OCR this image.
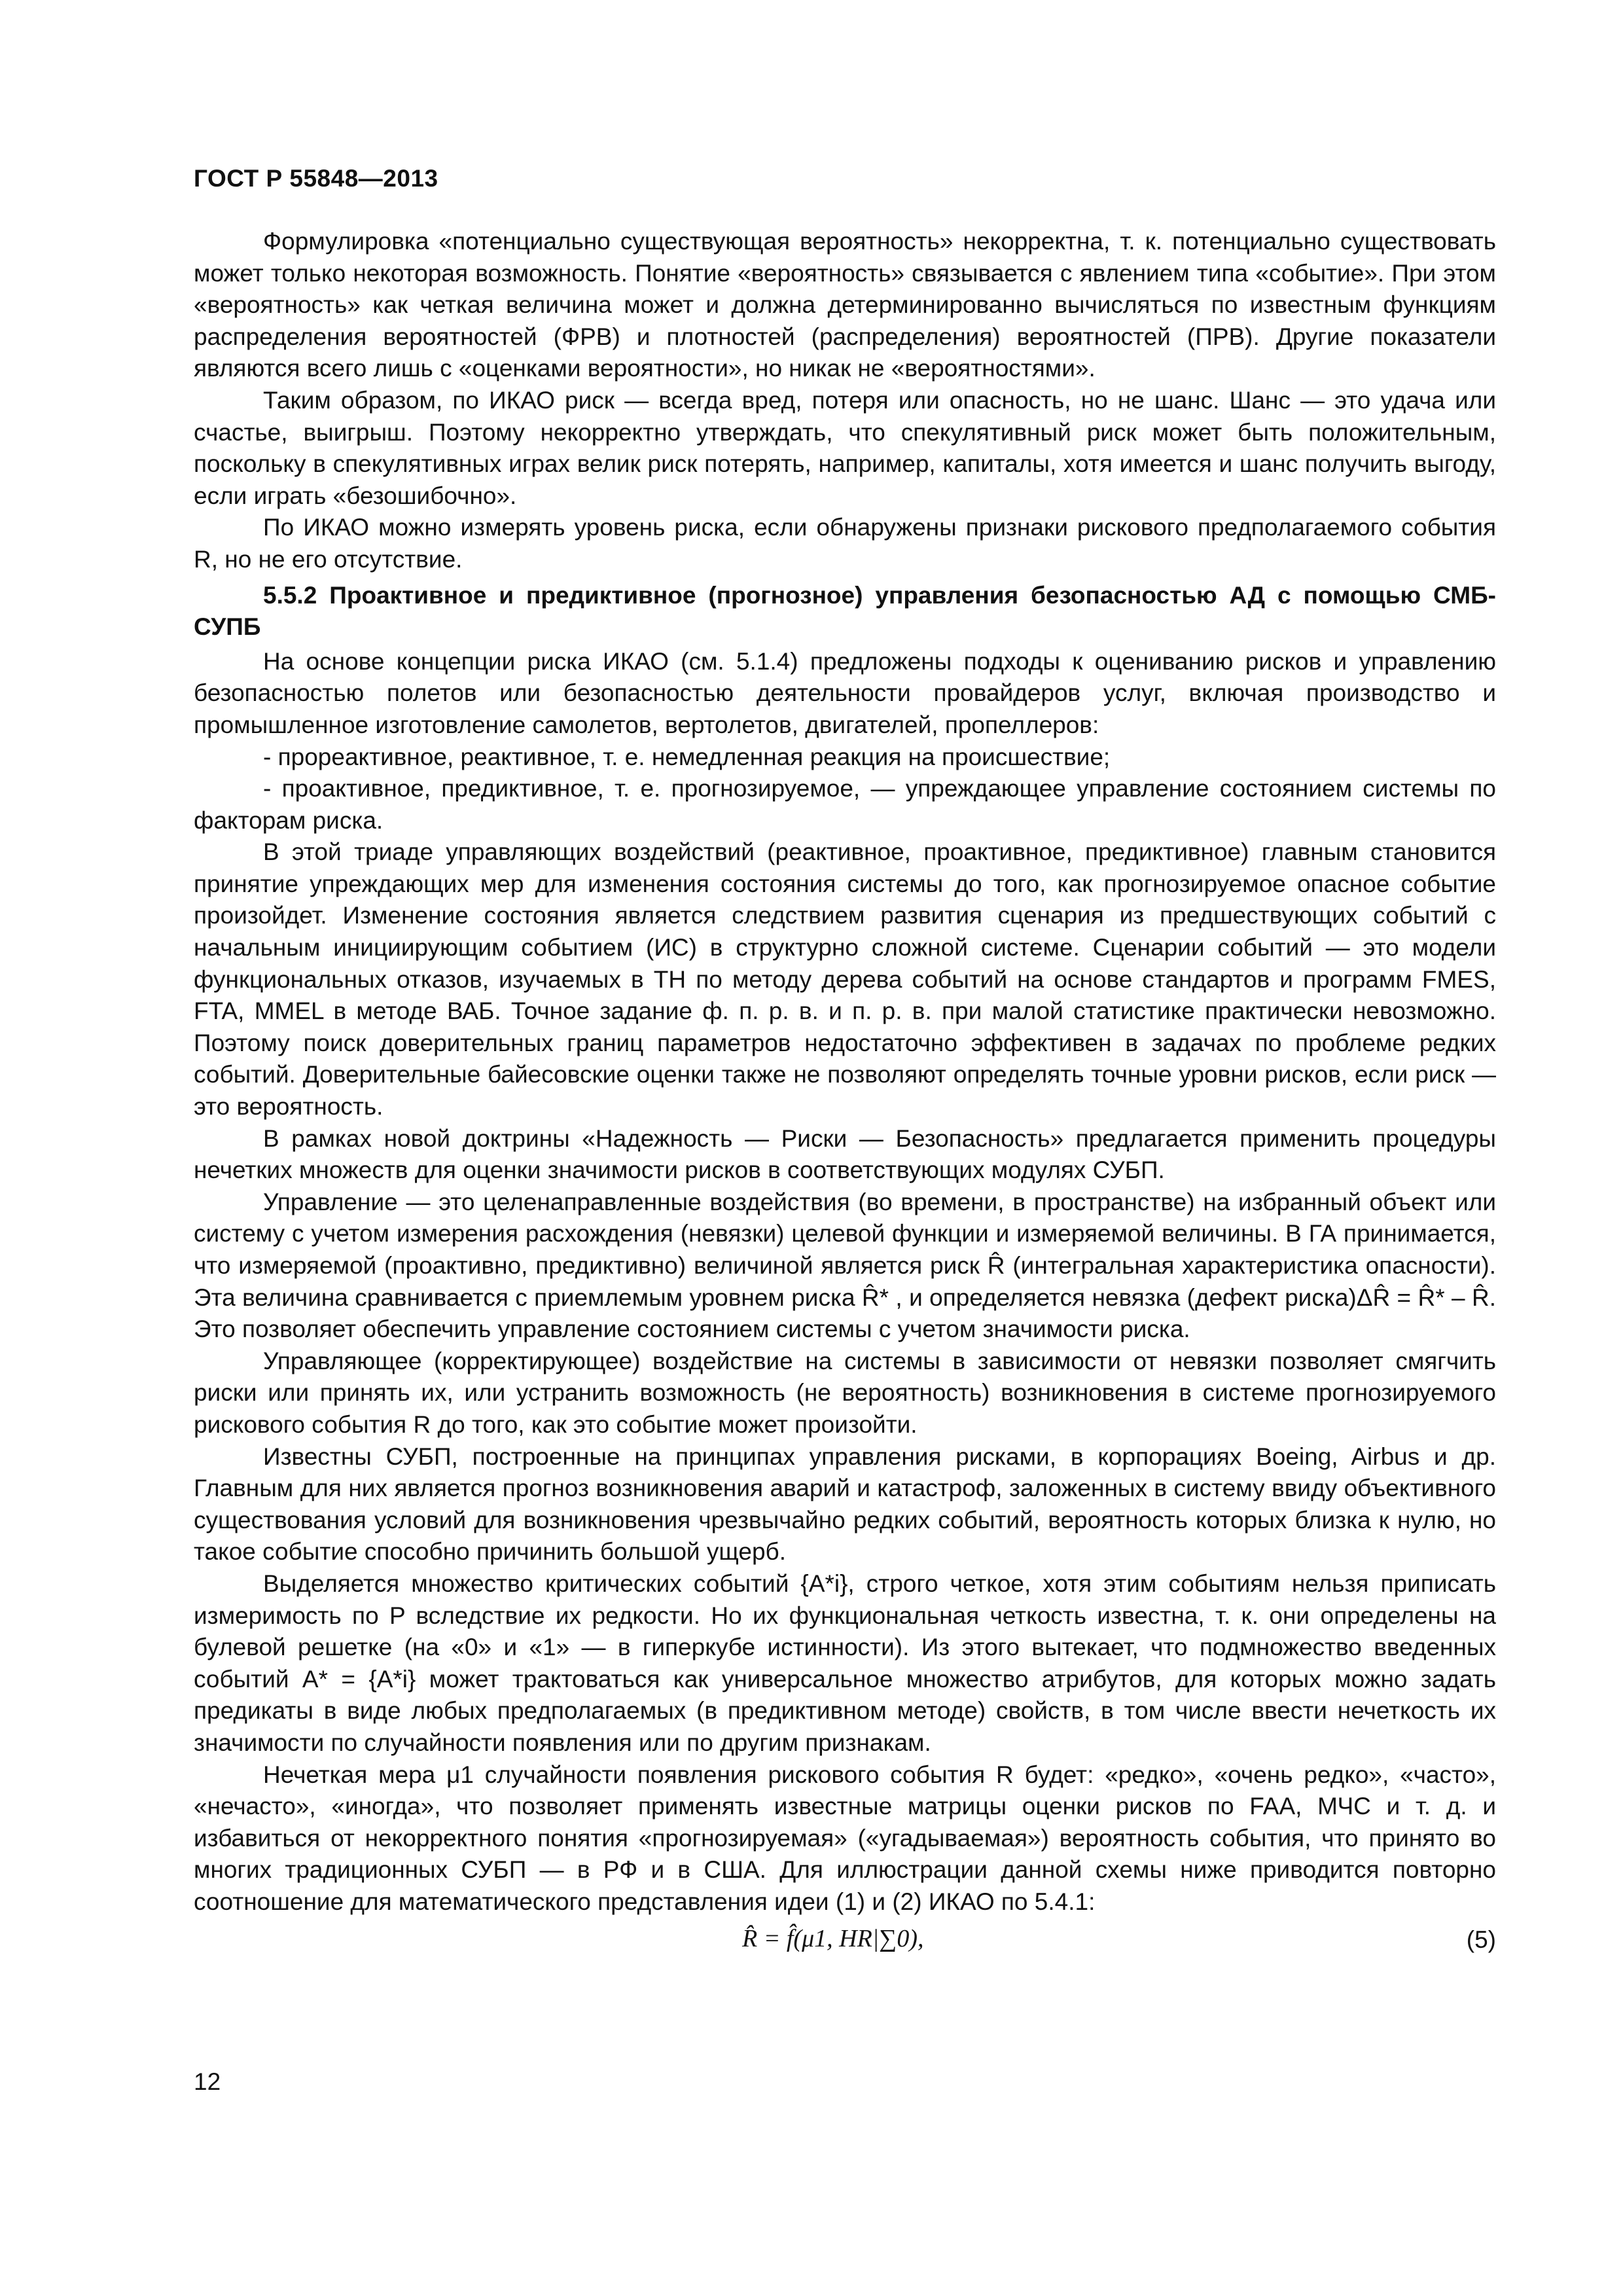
ГОСТ Р 55848—2013

Формулировка «потенциально существующая вероятность» некорректна, т. к. потенциально существовать может только некоторая возможность. Понятие «вероятность» связывается с явлением типа «событие». При этом «вероятность» как четкая величина может и должна детерминированно вычисляться по известным функциям распределения вероятностей (ФРВ) и плотностей (распределения) вероятностей (ПРВ). Другие показатели являются всего лишь с «оценками вероятности», но никак не «вероятностями».

Таким образом, по ИКАО риск — всегда вред, потеря или опасность, но не шанс. Шанс — это удача или счастье, выигрыш. Поэтому некорректно утверждать, что спекулятивный риск может быть положительным, поскольку в спекулятивных играх велик риск потерять, например, капиталы, хотя имеется и шанс получить выгоду, если играть «безошибочно».

По ИКАО можно измерять уровень риска, если обнаружены признаки рискового предполагаемого события R, но не его отсутствие.

5.5.2 Проактивное и предиктивное (прогнозное) управления безопасностью АД с помощью СМБ-СУПБ

На основе концепции риска ИКАО (см. 5.1.4) предложены подходы к оцениванию рисков и управлению безопасностью полетов или безопасностью деятельности провайдеров услуг, включая производство и промышленное изготовление самолетов, вертолетов, двигателей, пропеллеров:

- прореактивное, реактивное, т. е. немедленная реакция на происшествие;

- проактивное, предиктивное, т. е. прогнозируемое, — упреждающее управление состоянием системы по факторам риска.

В этой триаде управляющих воздействий (реактивное, проактивное, предиктивное) главным становится принятие упреждающих мер для изменения состояния системы до того, как прогнозируемое опасное событие произойдет. Изменение состояния является следствием развития сценария из предшествующих событий с начальным инициирующим событием (ИС) в структурно сложной системе. Сценарии событий — это модели функциональных отказов, изучаемых в ТН по методу дерева событий на основе стандартов и программ FMES, FTA, MMEL в методе ВАБ. Точное задание ф. п. р. в. и п. р. в. при малой статистике практически невозможно. Поэтому поиск доверительных границ параметров недостаточно эффективен в задачах по проблеме редких событий. Доверительные байесовские оценки также не позволяют определять точные уровни рисков, если риск — это вероятность.

В рамках новой доктрины «Надежность — Риски — Безопасность» предлагается применить процедуры нечетких множеств для оценки значимости рисков в соответствующих модулях СУБП.

Управление — это целенаправленные воздействия (во времени, в пространстве) на избранный объект или систему с учетом измерения расхождения (невязки) целевой функции и измеряемой величины. В ГА принимается, что измеряемой (проактивно, предиктивно) величиной является риск R̂ (интегральная характеристика опасности). Эта величина сравнивается с приемлемым уровнем риска R̂* , и определяется невязка (дефект риска)ΔR̂ = R̂* – R̂. Это позволяет обеспечить управление состоянием системы с учетом значимости риска.

Управляющее (корректирующее) воздействие на системы в зависимости от невязки позволяет смягчить риски или принять их, или устранить возможность (не вероятность) возникновения в системе прогнозируемого рискового события R до того, как это событие может произойти.

Известны СУБП, построенные на принципах управления рисками, в корпорациях Boeing, Airbus и др. Главным для них является прогноз возникновения аварий и катастроф, заложенных в систему ввиду объективного существования условий для возникновения чрезвычайно редких событий, вероятность которых близка к нулю, но такое событие способно причинить большой ущерб.

Выделяется множество критических событий {A*i}, строго четкое, хотя этим событиям нельзя приписать измеримость по P вследствие их редкости. Но их функциональная четкость известна, т. к. они определены на булевой решетке (на «0» и «1» — в гиперкубе истинности). Из этого вытекает, что подмножество введенных событий A* = {A*i} может трактоваться как универсальное множество атрибутов, для которых можно задать предикаты в виде любых предполагаемых (в предиктивном методе) свойств, в том числе ввести нечеткость их значимости по случайности появления или по другим признакам.

Нечеткая мера μ1 случайности появления рискового события R будет: «редко», «очень редко», «часто», «нечасто», «иногда», что позволяет применять известные матрицы оценки рисков по FAA, МЧС и т. д. и избавиться от некорректного понятия «прогнозируемая» («угадываемая») вероятность события, что принято во многих традиционных СУБП — в РФ и в США. Для иллюстрации данной схемы ниже приводится повторно соотношение для математического представления идеи (1) и (2) ИКАО по 5.4.1:

R̂ = f̂(μ1, HR|∑0),	(5)
12
